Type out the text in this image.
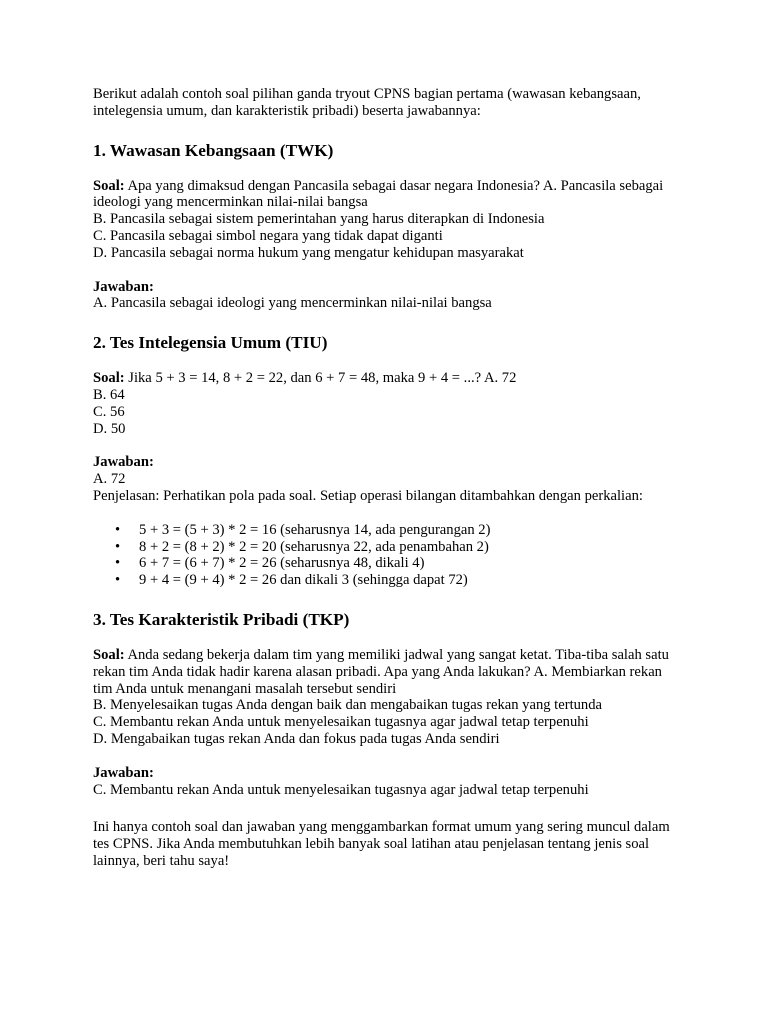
Berikut adalah contoh soal pilihan ganda tryout CPNS bagian pertama (wawasan kebangsaan, intelegensia umum, dan karakteristik pribadi) beserta jawabannya:

1. Wawasan Kebangsaan (TWK)

Soal: Apa yang dimaksud dengan Pancasila sebagai dasar negara Indonesia? A. Pancasila sebagai ideologi yang mencerminkan nilai-nilai bangsa

B. Pancasila sebagai sistem pemerintahan yang harus diterapkan di Indonesia
C. Pancasila sebagai simbol negara yang tidak dapat diganti
D. Pancasila sebagai norma hukum yang mengatur kehidupan masyarakat
Jawaban:
A. Pancasila sebagai ideologi yang mencerminkan nilai-nilai bangsa
2. Tes Intelegensia Umum (TIU)

Soal: Jika 5 + 3 = 14, 8 + 2 = 22, dan 6 + 7 = 48, maka 9 + 4 = ...? A. 72

B. 64
C. 56
D. 50
Jawaban:
A. 72

Penjelasan: Perhatikan pola pada soal. Setiap operasi bilangan ditambahkan dengan perkalian:

• 5 + 3 = (5 + 3) * 2 = 16 (seharusnya 14, ada pengurangan 2)
• 8 + 2 = (8 + 2) * 2 = 20 (seharusnya 22, ada penambahan 2)
• 6 + 7 = (6 + 7) * 2 = 26 (seharusnya 48, dikali 4)
• 9 + 4 = (9 + 4) * 2 = 26 dan dikali 3 (sehingga dapat 72)
3. Tes Karakteristik Pribadi (TKP)

Soal: Anda sedang bekerja dalam tim yang memiliki jadwal yang sangat ketat. Tiba-tiba salah satu rekan tim Anda tidak hadir karena alasan pribadi. Apa yang Anda lakukan? A. Membiarkan rekan tim Anda untuk menangani masalah tersebut sendiri

B. Menyelesaikan tugas Anda dengan baik dan mengabaikan tugas rekan yang tertunda
C. Membantu rekan Anda untuk menyelesaikan tugasnya agar jadwal tetap terpenuhi
D. Mengabaikan tugas rekan Anda dan fokus pada tugas Anda sendiri
Jawaban:
C. Membantu rekan Anda untuk menyelesaikan tugasnya agar jadwal tetap terpenuhi

Ini hanya contoh soal dan jawaban yang menggambarkan format umum yang sering muncul dalam tes CPNS. Jika Anda membutuhkan lebih banyak soal latihan atau penjelasan tentang jenis soal lainnya, beri tahu saya!
